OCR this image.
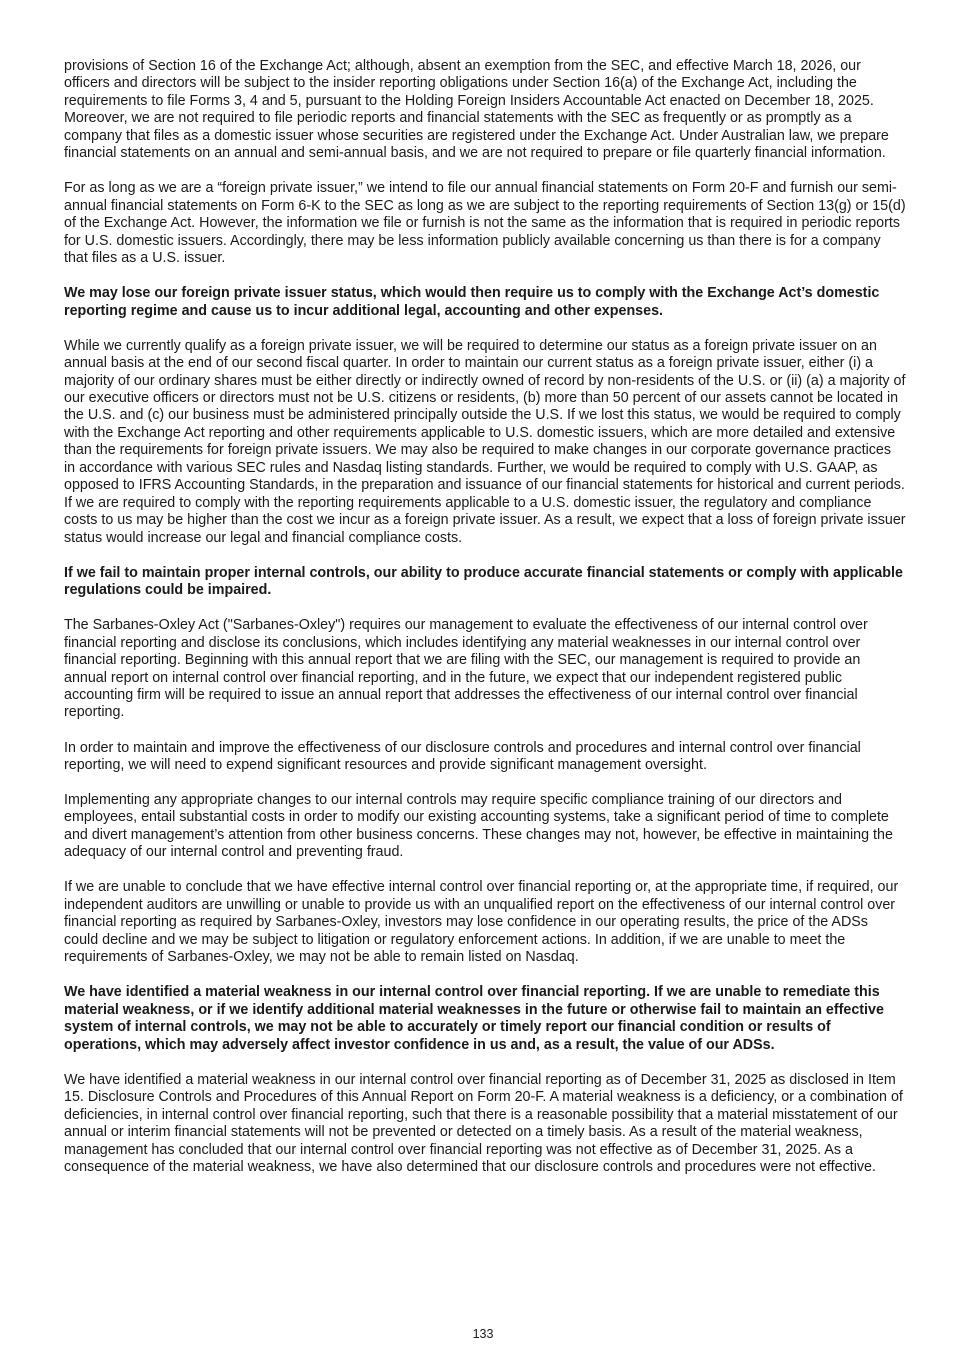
provisions of Section 16 of the Exchange Act; although, absent an exemption from the SEC, and effective March 18, 2026, our officers and directors will be subject to the insider reporting obligations under Section 16(a) of the Exchange Act, including the requirements to file Forms 3, 4 and 5, pursuant to the Holding Foreign Insiders Accountable Act enacted on December 18, 2025. Moreover, we are not required to file periodic reports and financial statements with the SEC as frequently or as promptly as a company that files as a domestic issuer whose securities are registered under the Exchange Act. Under Australian law, we prepare financial statements on an annual and semi-annual basis, and we are not required to prepare or file quarterly financial information.

For as long as we are a “foreign private issuer,” we intend to file our annual financial statements on Form 20-F and furnish our semi-annual financial statements on Form 6-K to the SEC as long as we are subject to the reporting requirements of Section 13(g) or 15(d) of the Exchange Act. However, the information we file or furnish is not the same as the information that is required in periodic reports for U.S. domestic issuers. Accordingly, there may be less information publicly available concerning us than there is for a company that files as a U.S. issuer.

We may lose our foreign private issuer status, which would then require us to comply with the Exchange Act’s domestic reporting regime and cause us to incur additional legal, accounting and other expenses.

While we currently qualify as a foreign private issuer, we will be required to determine our status as a foreign private issuer on an annual basis at the end of our second fiscal quarter. In order to maintain our current status as a foreign private issuer, either (i) a majority of our ordinary shares must be either directly or indirectly owned of record by non-residents of the U.S. or (ii) (a) a majority of our executive officers or directors must not be U.S. citizens or residents, (b) more than 50 percent of our assets cannot be located in the U.S. and (c) our business must be administered principally outside the U.S. If we lost this status, we would be required to comply with the Exchange Act reporting and other requirements applicable to U.S. domestic issuers, which are more detailed and extensive than the requirements for foreign private issuers. We may also be required to make changes in our corporate governance practices in accordance with various SEC rules and Nasdaq listing standards. Further, we would be required to comply with U.S. GAAP, as opposed to IFRS Accounting Standards, in the preparation and issuance of our financial statements for historical and current periods. If we are required to comply with the reporting requirements applicable to a U.S. domestic issuer, the regulatory and compliance costs to us may be higher than the cost we incur as a foreign private issuer. As a result, we expect that a loss of foreign private issuer status would increase our legal and financial compliance costs.

If we fail to maintain proper internal controls, our ability to produce accurate financial statements or comply with applicable regulations could be impaired.

The Sarbanes-Oxley Act ("Sarbanes-Oxley") requires our management to evaluate the effectiveness of our internal control over financial reporting and disclose its conclusions, which includes identifying any material weaknesses in our internal control over financial reporting. Beginning with this annual report that we are filing with the SEC, our management is required to provide an annual report on internal control over financial reporting, and in the future, we expect that our independent registered public accounting firm will be required to issue an annual report that addresses the effectiveness of our internal control over financial reporting.

In order to maintain and improve the effectiveness of our disclosure controls and procedures and internal control over financial reporting, we will need to expend significant resources and provide significant management oversight.

Implementing any appropriate changes to our internal controls may require specific compliance training of our directors and employees, entail substantial costs in order to modify our existing accounting systems, take a significant period of time to complete and divert management’s attention from other business concerns. These changes may not, however, be effective in maintaining the adequacy of our internal control and preventing fraud.

If we are unable to conclude that we have effective internal control over financial reporting or, at the appropriate time, if required, our independent auditors are unwilling or unable to provide us with an unqualified report on the effectiveness of our internal control over financial reporting as required by Sarbanes-Oxley, investors may lose confidence in our operating results, the price of the ADSs could decline and we may be subject to litigation or regulatory enforcement actions. In addition, if we are unable to meet the requirements of Sarbanes-Oxley, we may not be able to remain listed on Nasdaq.

We have identified a material weakness in our internal control over financial reporting. If we are unable to remediate this material weakness, or if we identify additional material weaknesses in the future or otherwise fail to maintain an effective system of internal controls, we may not be able to accurately or timely report our financial condition or results of operations, which may adversely affect investor confidence in us and, as a result, the value of our ADSs.

We have identified a material weakness in our internal control over financial reporting as of December 31, 2025 as disclosed in Item 15. Disclosure Controls and Procedures of this Annual Report on Form 20-F. A material weakness is a deficiency, or a combination of deficiencies, in internal control over financial reporting, such that there is a reasonable possibility that a material misstatement of our annual or interim financial statements will not be prevented or detected on a timely basis. As a result of the material weakness, management has concluded that our internal control over financial reporting was not effective as of December 31, 2025. As a consequence of the material weakness, we have also determined that our disclosure controls and procedures were not effective.

133
